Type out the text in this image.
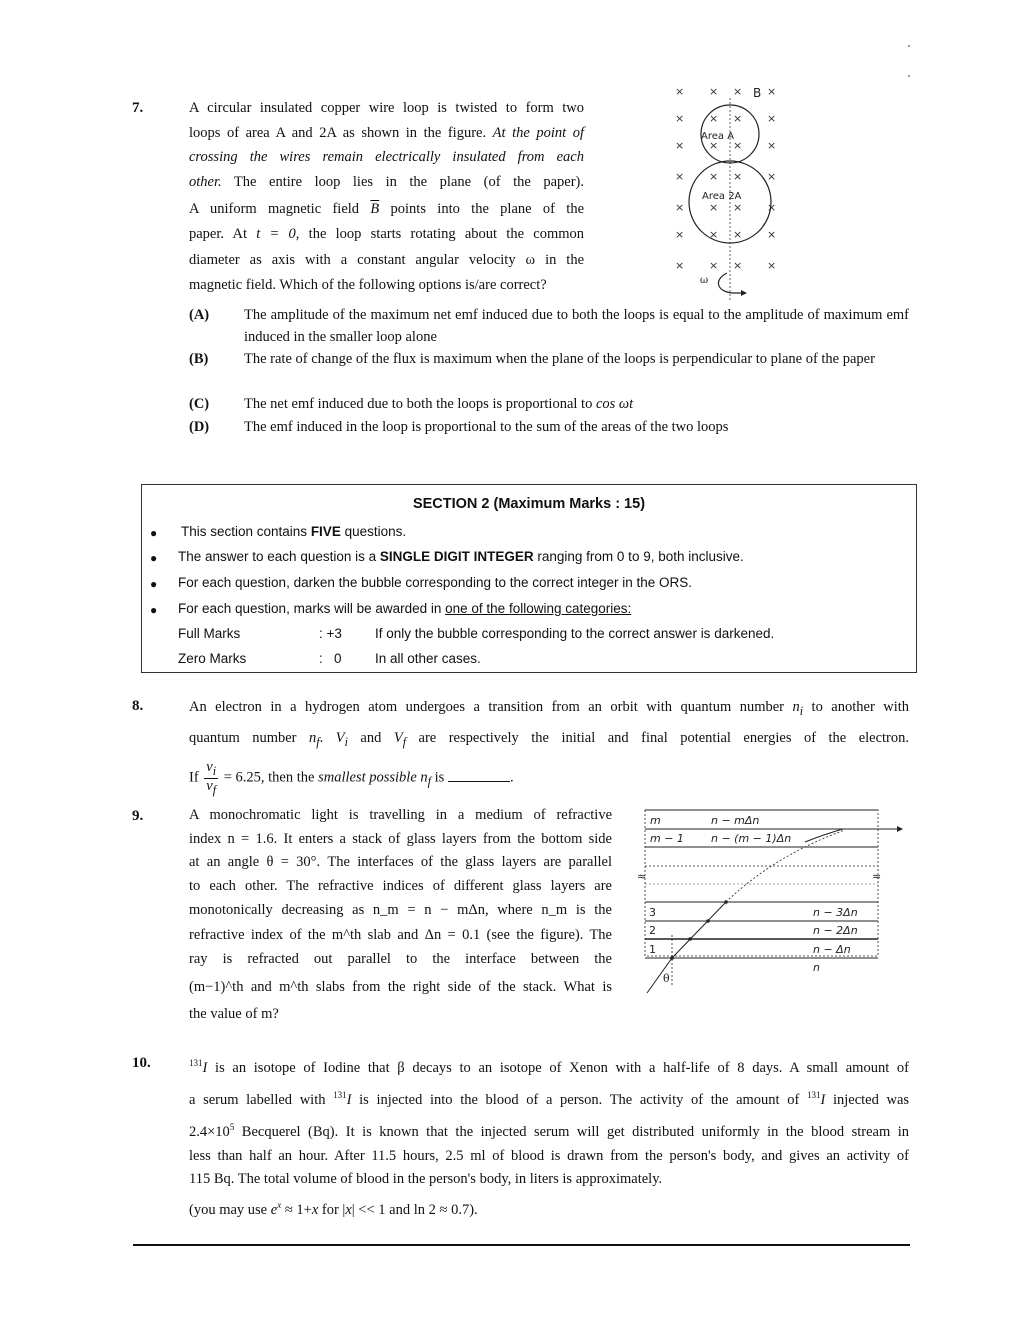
7.	A circular insulated copper wire loop is twisted to form two
loops of area A and 2A as shown in the figure. At the point of
crossing the wires remain electrically insulated from each
other. The entire loop lies in the plane (of the paper).
A uniform magnetic field $\overline{B}$ points into the plane of the
paper. At t = 0, the loop starts rotating about the common
diameter as axis with a constant angular velocity ω in the
magnetic field. Which of the following options is/are correct?
× × × ×
× × × ×
× × × ×
× × × ×
× × × ×
× × × ×
× × × ×
B
Area A
Area 2A
ω
(A) The amplitude of the maximum net emf induced due to both the loops is equal to the amplitude of maximum emf induced in the smaller loop alone
(B) The rate of change of the flux is maximum when the plane of the loops is perpendicular to plane of the paper
(C) The net emf induced due to both the loops is proportional to cos ωt
(D) The emf induced in the loop is proportional to the sum of the areas of the two loops
SECTION 2 (Maximum Marks : 15)
● This section contains FIVE questions.
● The answer to each question is a SINGLE DIGIT INTEGER ranging from 0 to 9, both inclusive.
● For each question, darken the bubble corresponding to the correct integer in the ORS.
● For each question, marks will be awarded in one of the following categories:
Full Marks	: +3 If only the bubble corresponding to the correct answer is darkened.
Zero Marks	:   0 In all other cases.
8.	An electron in a hydrogen atom undergoes a transition from an orbit with quantum number $n_i$ to another with
quantum number $n_f$. $V_i$ and $V_f$ are respectively the initial and final potential energies of the electron.
If $\frac{v_i}{v_f} = 6.25$, then the smallest possible $n_f$ is	.
9.	A monochromatic light is travelling in a medium of refractive
index n = 1.6. It enters a stack of glass layers from the bottom side
at an angle θ = 30°. The interfaces of the glass layers are parallel
to each other. The refractive indices of different glass layers are
monotonically decreasing as n_m = n − mΔn, where n_m is the
refractive index of the m^th slab and Δn = 0.1 (see the figure). The
ray is refracted out parallel to the interface between the
(m−1)^th and m^th slabs from the right side of the stack. What is
the value of m?
m
m − 1
3
2
1
n − mΔn
n − (m − 1)Δn
n − 3Δn
n − 2Δn
n − Δn
n
≈	≈
θ
10.	$^{131}$I is an isotope of Iodine that β decays to an isotope of Xenon with a half-life of 8 days. A small amount of
a serum labelled with $^{131}$I is injected into the blood of a person. The activity of the amount of $^{131}$I injected was
$2.4\times 10^5$ Becquerel (Bq). It is known that the injected serum will get distributed uniformly in the blood stream in
less than half an hour. After 11.5 hours, 2.5 ml of blood is drawn from the person's body, and gives an activity of
115 Bq. The total volume of blood in the person's body, in liters is approximately.
(you may use $e^x \approx 1+x$ for |x| << 1 and ln 2 ≈ 0.7).
